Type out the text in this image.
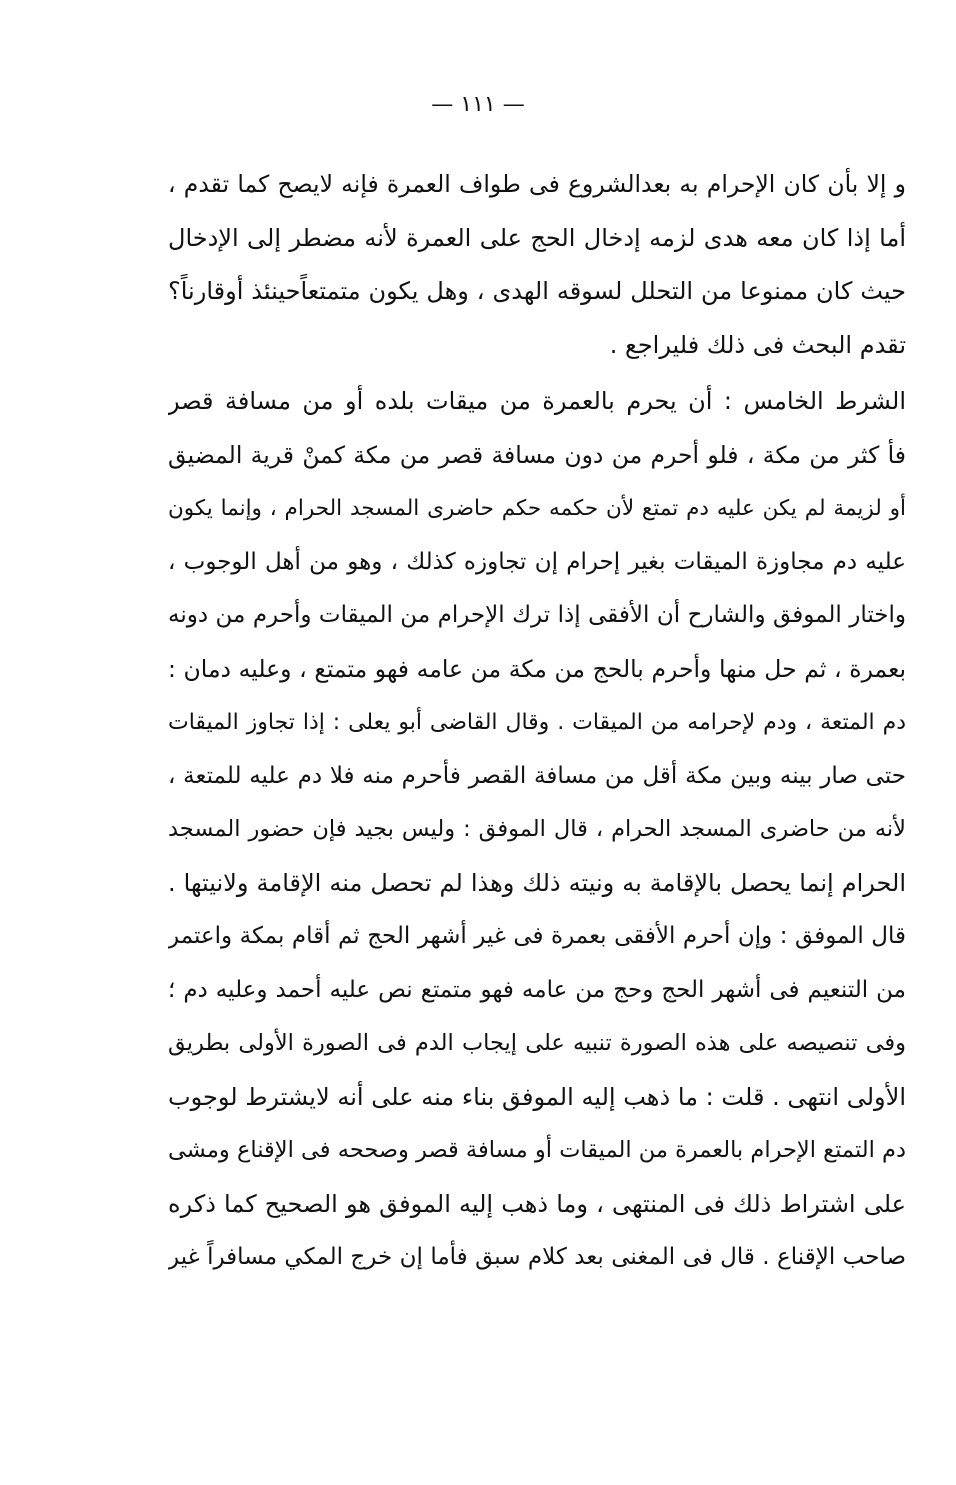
— ١١١ —
و إلا بأن كان الإحرام به بعدالشروع فى طواف العمرة فإنه لايصح كما تقدم ،
أما إذا كان معه هدى لزمه إدخال الحج على العمرة لأنه مضطر إلى الإدخال
حيث كان ممنوعا من التحلل لسوقه الهدى ، وهل يكون متمتعاًحينئذ أوقارناً؟
تقدم البحث فى ذلك فليراجع .
الشرط الخامس : أن يحرم بالعمرة من ميقات بلده أو من مسافة قصر
فأ كثر من مكة ، فلو أحرم من دون مسافة قصر من مكة كمنْ قرية المضيق
أو لزيمة لم يكن عليه دم تمتع لأن حكمه حكم حاضرى المسجد الحرام ، وإنما يكون
عليه دم مجاوزة الميقات بغير إحرام إن تجاوزه كذلك ، وهو من أهل الوجوب ،
واختار الموفق والشارح أن الأفقى إذا ترك الإحرام من الميقات وأحرم من دونه
بعمرة ، ثم حل منها وأحرم بالحج من مكة من عامه فهو متمتع ، وعليه دمان :
دم المتعة ، ودم لإحرامه من الميقات . وقال القاضى أبو يعلى : إذا تجاوز الميقات
حتى صار بينه وبين مكة أقل من مسافة القصر فأحرم منه فلا دم عليه للمتعة ،
لأنه من حاضرى المسجد الحرام ، قال الموفق : وليس بجيد فإن حضور المسجد
الحرام إنما يحصل بالإقامة به ونيته ذلك وهذا لم تحصل منه الإقامة ولانيتها .
قال الموفق : وإن أحرم الأفقى بعمرة فى غير أشهر الحج ثم أقام بمكة واعتمر
من التنعيم فى أشهر الحج وحج من عامه فهو متمتع نص عليه أحمد وعليه دم ؛
وفى تنصيصه على هذه الصورة تنبيه على إيجاب الدم فى الصورة الأولى بطريق
الأولى انتهى . قلت : ما ذهب إليه الموفق بناء منه على أنه لايشترط لوجوب
دم التمتع الإحرام بالعمرة من الميقات أو مسافة قصر وصححه فى الإقناع ومشى
على اشتراط ذلك فى المنتهى ، وما ذهب إليه الموفق هو الصحيح كما ذكره
صاحب الإقناع . قال فى المغنى بعد كلام سبق فأما إن خرج المكي مسافراً غير
